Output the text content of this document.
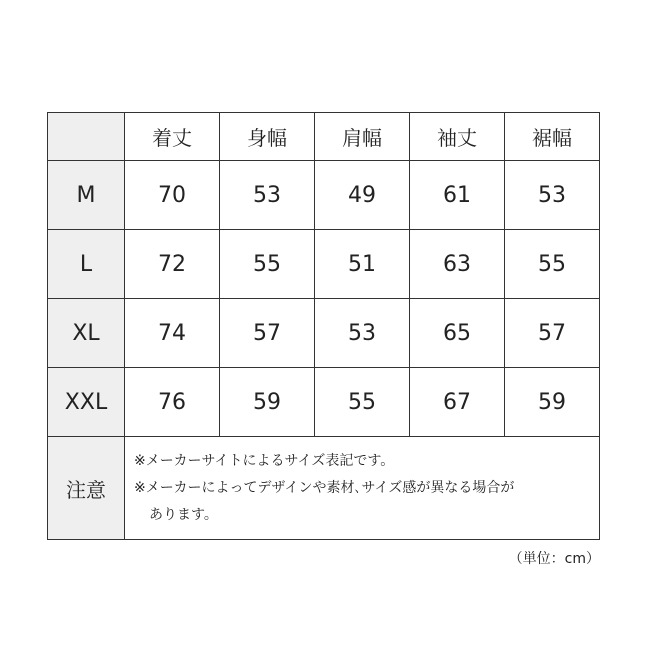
	着丈	身幅	肩幅	袖丈	裾幅
M	70	53	49	61	53
L	72	55	51	63	55
XL	74	57	53	65	57
XXL	76	59	55	67	59
注意	※メーカーサイトによるサイズ表記です。
※メーカーによってデザインや素材､サイズ感が異なる場合が
あります。				
（単位：cm）
